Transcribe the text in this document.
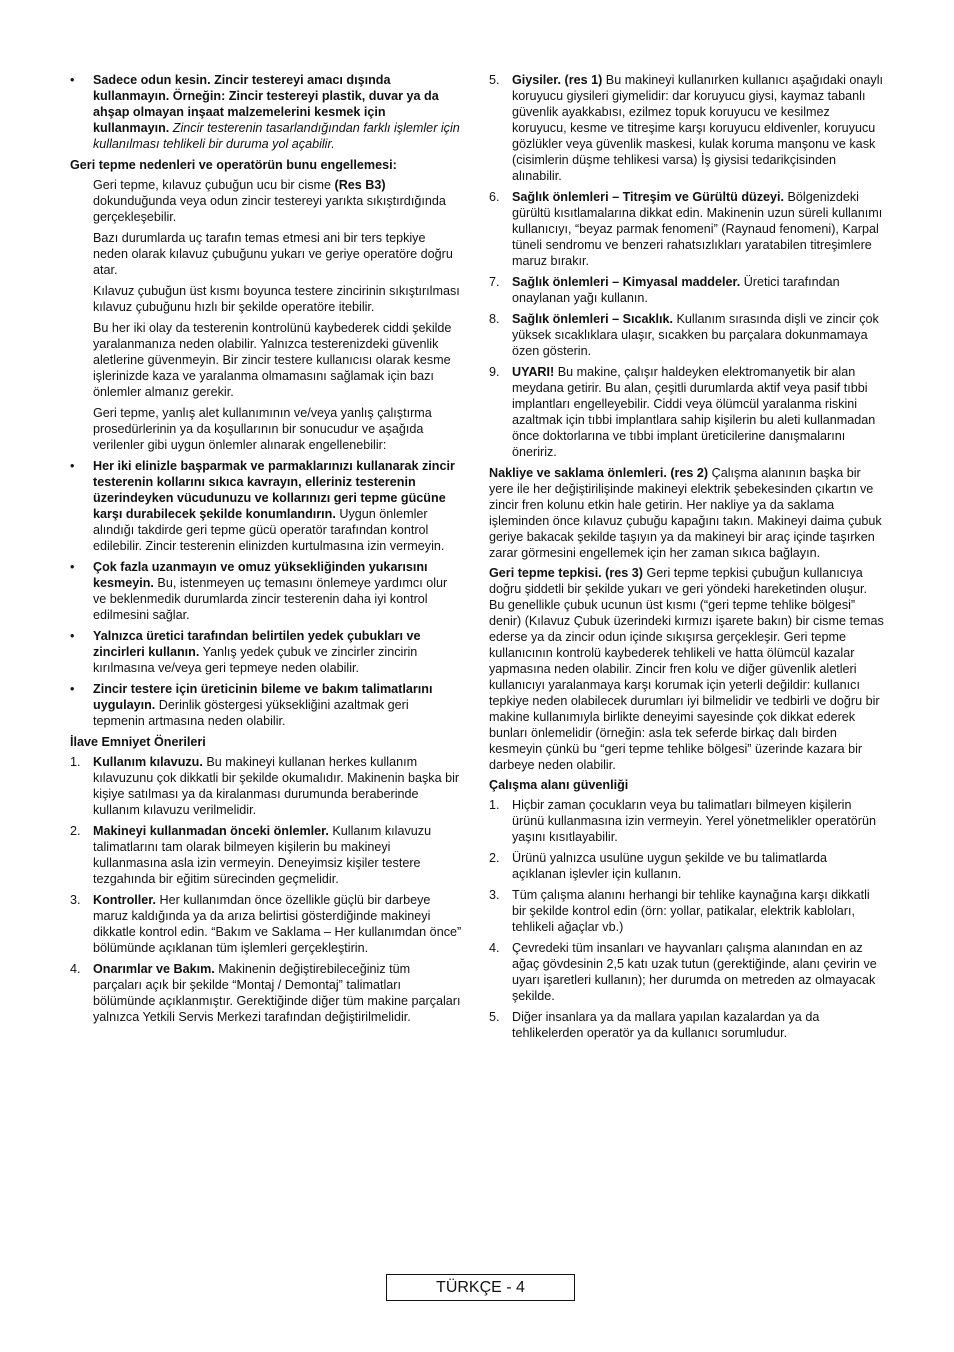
• Sadece odun kesin. Zincir testereyi amacı dışında kullanmayın. Örneğin: Zincir testereyi plastik, duvar ya da ahşap olmayan inşaat malzemelerini kesmek için kullanmayın. Zincir testerenin tasarlandığından farklı işlemler için kullanılması tehlikeli bir duruma yol açabilir.
Geri tepme nedenleri ve operatörün bunu engellemesi:
Geri tepme, kılavuz çubuğun ucu bir cisme (Res B3) dokunduğunda veya odun zincir testereyi yarıkta sıkıştırdığında gerçekleşebilir.
Bazı durumlarda uç tarafın temas etmesi ani bir ters tepkiye neden olarak kılavuz çubuğunu yukarı ve geriye operatöre doğru atar.
Kılavuz çubuğun üst kısmı boyunca testere zincirinin sıkıştırılması kılavuz çubuğunu hızlı bir şekilde operatöre itebilir.
Bu her iki olay da testerenin kontrolünü kaybederek ciddi şekilde yaralanmanıza neden olabilir. Yalnızca testerenizdeki güvenlik aletlerine güvenmeyin. Bir zincir testere kullanıcısı olarak kesme işlerinizde kaza ve yaralanma olmamasını sağlamak için bazı önlemler almanız gerekir.
Geri tepme, yanlış alet kullanımının ve/veya yanlış çalıştırma prosedürlerinin ya da koşullarının bir sonucudur ve aşağıda verilenler gibi uygun önlemler alınarak engellenebilir:
• Her iki elinizle başparmak ve parmaklarınızı kullanarak zincir testerenin kollarını sıkıca kavrayın, elleriniz testerenin üzerindeyken vücudunuzu ve kollarınızı geri tepme gücüne karşı durabilecek şekilde konumlandırın. Uygun önlemler alındığı takdirde geri tepme gücü operatör tarafından kontrol edilebilir. Zincir testerenin elinizden kurtulmasına izin vermeyin.
• Çok fazla uzanmayın ve omuz yüksekliğinden yukarısını kesmeyin. Bu, istenmeyen uç temasını önlemeye yardımcı olur ve beklenmedik durumlarda zincir testerenin daha iyi kontrol edilmesini sağlar.
• Yalnızca üretici tarafından belirtilen yedek çubukları ve zincirleri kullanın. Yanlış yedek çubuk ve zincirler zincirin kırılmasına ve/veya geri tepmeye neden olabilir.
• Zincir testere için üreticinin bileme ve bakım talimatlarını uygulayın. Derinlik göstergesi yüksekliğini azaltmak geri tepmenin artmasına neden olabilir.
İlave Emniyet Önerileri
1. Kullanım kılavuzu. Bu makineyi kullanan herkes kullanım kılavuzunu çok dikkatli bir şekilde okumalıdır. Makinenin başka bir kişiye satılması ya da kiralanması durumunda beraberinde kullanım kılavuzu verilmelidir.
2. Makineyi kullanmadan önceki önlemler. Kullanım kılavuzu talimatlarını tam olarak bilmeyen kişilerin bu makineyi kullanmasına asla izin vermeyin. Deneyimsiz kişiler testere tezgahında bir eğitim sürecinden geçmelidir.
3. Kontroller. Her kullanımdan önce özellikle güçlü bir darbeye maruz kaldığında ya da arıza belirtisi gösterdiğinde makineyi dikkatle kontrol edin. “Bakım ve Saklama – Her kullanımdan önce” bölümünde açıklanan tüm işlemleri gerçekleştirin.
4. Onarımlar ve Bakım. Makinenin değiştirebileceğiniz tüm parçaları açık bir şekilde “Montaj / Demontaj” talimatları bölümünde açıklanmıştır. Gerektiğinde diğer tüm makine parçaları yalnızca Yetkili Servis Merkezi tarafından değiştirilmelidir.
5. Giysiler. (res 1) Bu makineyi kullanırken kullanıcı aşağıdaki onaylı koruyucu giysileri giymelidir: dar koruyucu giysi, kaymaz tabanlı güvenlik ayakkabısı, ezilmez topuk koruyucu ve kesilmez koruyucu, kesme ve titreşime karşı koruyucu eldivenler, koruyucu gözlükler veya güvenlik maskesi, kulak koruma manşonu ve kask (cisimlerin düşme tehlikesi varsa) İş giysisi tedarikçisinden alınabilir.
6. Sağlık önlemleri – Titreşim ve Gürültü düzeyi. Bölgenizdeki gürültü kısıtlamalarına dikkat edin. Makinenin uzun süreli kullanımı kullanıcıyı, “beyaz parmak fenomeni” (Raynaud fenomeni), Karpal tüneli sendromu ve benzeri rahatsızlıkları yaratabilen titreşimlere maruz bırakır.
7. Sağlık önlemleri – Kimyasal maddeler. Üretici tarafından onaylanan yağı kullanın.
8. Sağlık önlemleri – Sıcaklık. Kullanım sırasında dişli ve zincir çok yüksek sıcaklıklara ulaşır, sıcakken bu parçalara dokunmamaya özen gösterin.
9. UYARI! Bu makine, çalışır haldeyken elektromanyetik bir alan meydana getirir. Bu alan, çeşitli durumlarda aktif veya pasif tıbbi implantları engelleyebilir. Ciddi veya ölümcül yaralanma riskini azaltmak için tıbbi implantlara sahip kişilerin bu aleti kullanmadan önce doktorlarına ve tıbbi implant üreticilerine danışmalarını öneririz.
Nakliye ve saklama önlemleri. (res 2) Çalışma alanının başka bir yere ile her değiştirilişinde makineyi elektrik şebekesinden çıkartın ve zincir fren kolunu etkin hale getirin. Her nakliye ya da saklama işleminden önce kılavuz çubuğu kapağını takın. Makineyi daima çubuk geriye bakacak şekilde taşıyın ya da makineyi bir araç içinde taşırken zarar görmesini engellemek için her zaman sıkıca bağlayın.
Geri tepme tepkisi. (res 3) Geri tepme tepkisi çubuğun kullanıcıya doğru şiddetli bir şekilde yukarı ve geri yöndeki hareketinden oluşur. Bu genellikle çubuk ucunun üst kısmı (“geri tepme tehlike bölgesi” denir) (Kılavuz Çubuk üzerindeki kırmızı işarete bakın) bir cisme temas ederse ya da zincir odun içinde sıkışırsa gerçekleşir. Geri tepme kullanıcının kontrolü kaybederek tehlikeli ve hatta ölümcül kazalar yapmasına neden olabilir. Zincir fren kolu ve diğer güvenlik aletleri kullanıcıyı yaralanmaya karşı korumak için yeterli değildir: kullanıcı tepkiye neden olabilecek durumları iyi bilmelidir ve tedbirli ve doğru bir makine kullanımıyla birlikte deneyimi sayesinde çok dikkat ederek bunları önlemelidir (örneğin: asla tek seferde birkaç dalı birden kesmeyin çünkü bu “geri tepme tehlike bölgesi” üzerinde kazara bir darbeye neden olabilir.
Çalışma alanı güvenliği
1. Hiçbir zaman çocukların veya bu talimatları bilmeyen kişilerin ürünü kullanmasına izin vermeyin. Yerel yönetmelikler operatörün yaşını kısıtlayabilir.
2. Ürünü yalnızca usulüne uygun şekilde ve bu talimatlarda açıklanan işlevler için kullanın.
3. Tüm çalışma alanını herhangi bir tehlike kaynağına karşı dikkatli bir şekilde kontrol edin (örn: yollar, patikalar, elektrik kabloları, tehlikeli ağaçlar vb.)
4. Çevredeki tüm insanları ve hayvanları çalışma alanından en az ağaç gövdesinin 2,5 katı uzak tutun (gerektiğinde, alanı çevirin ve uyarı işaretleri kullanın); her durumda on metreden az olmayacak şekilde.
5. Diğer insanlara ya da mallara yapılan kazalardan ya da tehlikelerden operatör ya da kullanıcı sorumludur.
TÜRKÇE - 4
